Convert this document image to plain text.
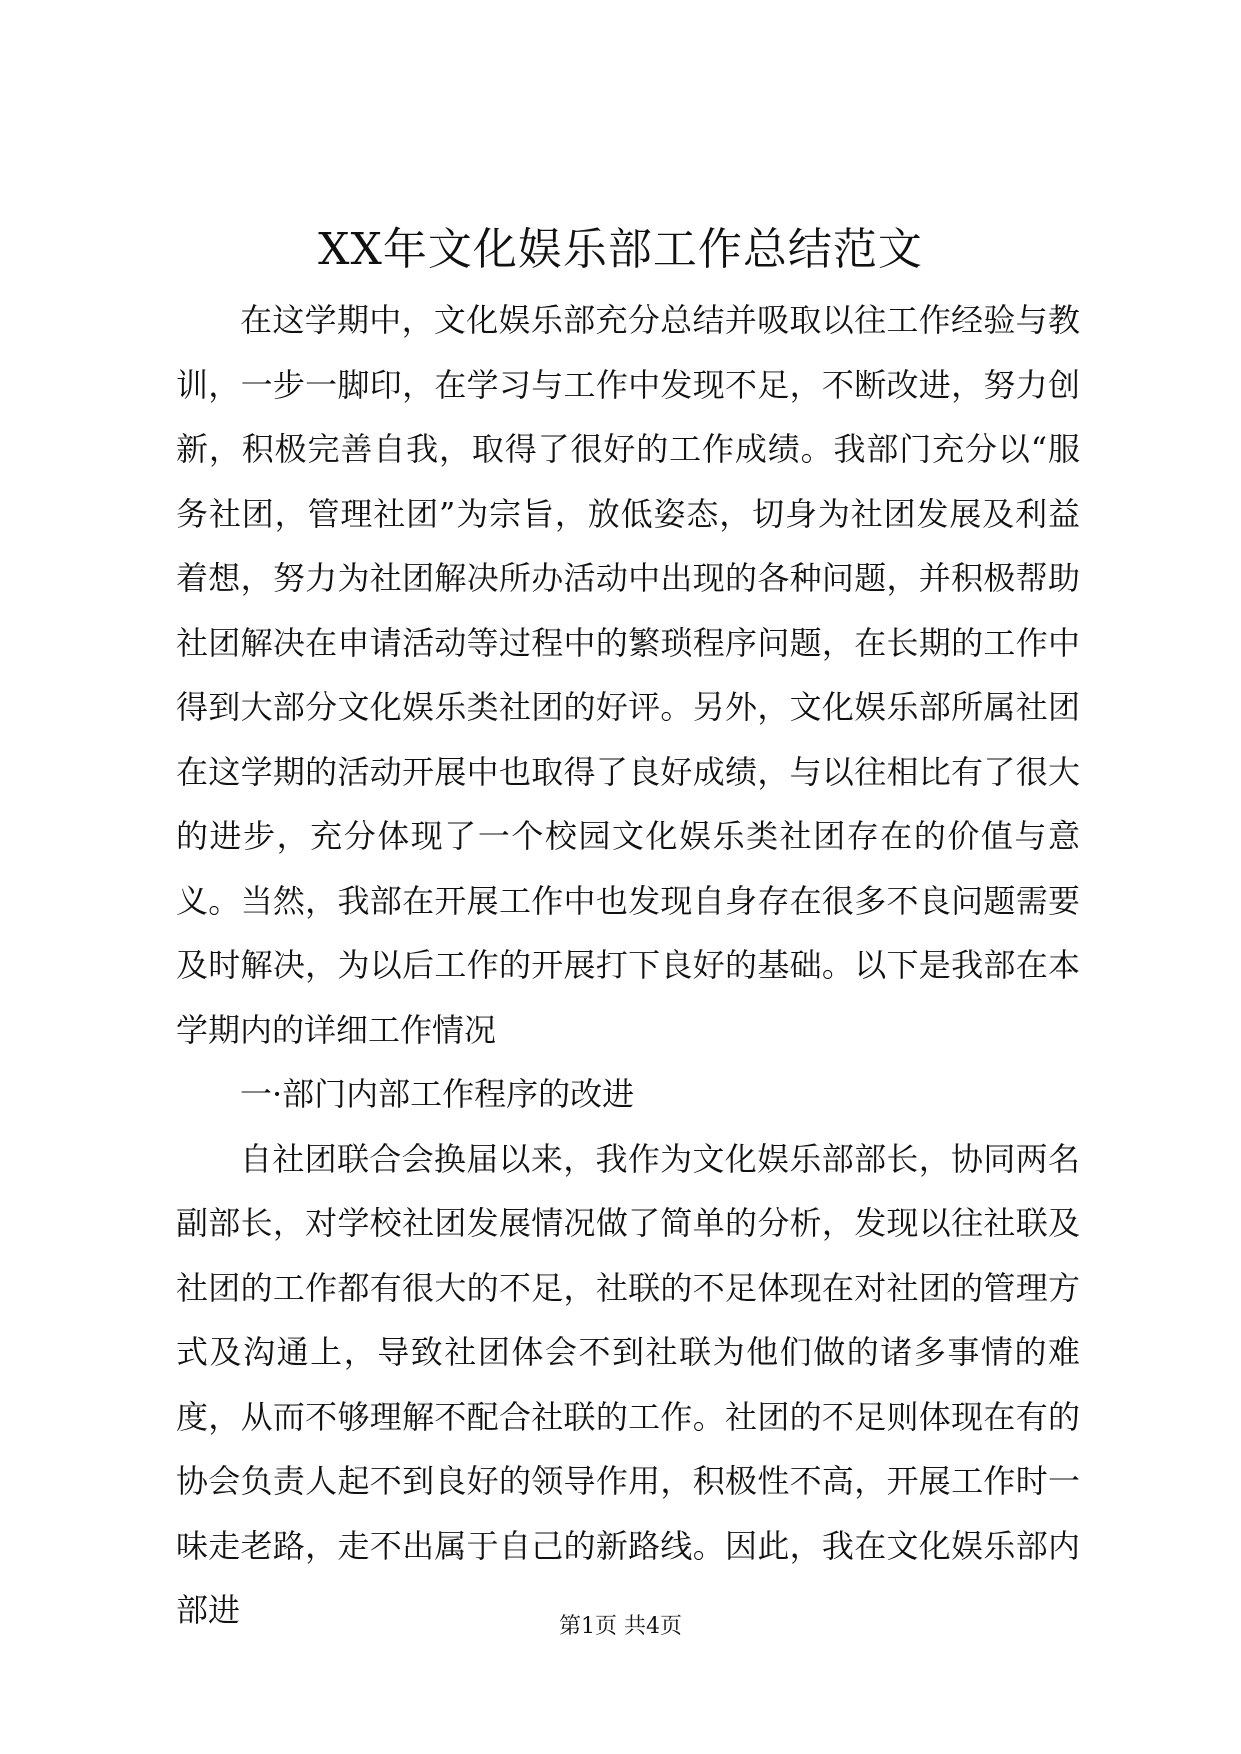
XX年文化娱乐部工作总结范文

在这学期中，文化娱乐部充分总结并吸取以往工作经验与教训，一步一脚印，在学习与工作中发现不足，不断改进，努力创新，积极完善自我，取得了很好的工作成绩。我部门充分以“服务社团，管理社团”为宗旨，放低姿态，切身为社团发展及利益着想，努力为社团解决所办活动中出现的各种问题，并积极帮助社团解决在申请活动等过程中的繁琐程序问题，在长期的工作中得到大部分文化娱乐类社团的好评。另外，文化娱乐部所属社团在这学期的活动开展中也取得了良好成绩，与以往相比有了很大的进步，充分体现了一个校园文化娱乐类社团存在的价值与意义。当然，我部在开展工作中也发现自身存在很多不良问题需要及时解决，为以后工作的开展打下良好的基础。以下是我部在本学期内的详细工作情况

一·部门内部工作程序的改进

自社团联合会换届以来，我作为文化娱乐部部长，协同两名副部长，对学校社团发展情况做了简单的分析，发现以往社联及社团的工作都有很大的不足，社联的不足体现在对社团的管理方式及沟通上，导致社团体会不到社联为他们做的诸多事情的难度，从而不够理解不配合社联的工作。社团的不足则体现在有的协会负责人起不到良好的领导作用，积极性不高，开展工作时一味走老路，走不出属于自己的新路线。因此，我在文化娱乐部内部进	第1页 共4页
